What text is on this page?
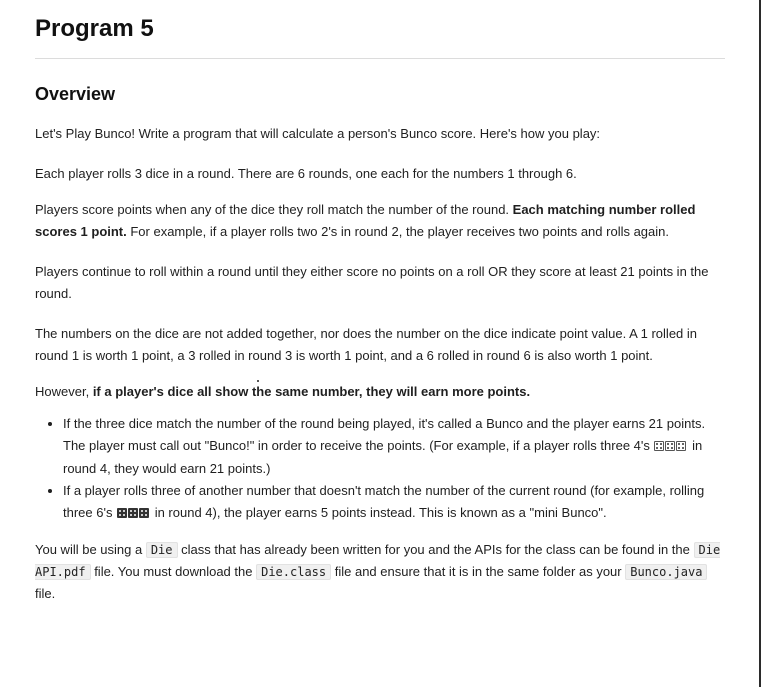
Program 5
Overview

Let's Play Bunco! Write a program that will calculate a person's Bunco score. Here's how you play:

Each player rolls 3 dice in a round. There are 6 rounds, one each for the numbers 1 through 6.

Players score points when any of the dice they roll match the number of the round. Each matching number rolled scores 1 point. For example, if a player rolls two 2's in round 2, the player receives two points and rolls again.

Players continue to roll within a round until they either score no points on a roll OR they score at least 21 points in the round.

The numbers on the dice are not added together, nor does the number on the dice indicate point value. A 1 rolled in round 1 is worth 1 point, a 3 rolled in round 3 is worth 1 point, and a 6 rolled in round 6 is also worth 1 point.

However, if a player's dice all show the same number, they will earn more points.

• If the three dice match the number of the round being played, it's called a Bunco and the player earns 21 points. The player must call out "Bunco!" in order to receive the points. (For example, if a player rolls three 4's	in round 4, they would earn 21 points.)
• If a player rolls three of another number that doesn't match the number of the current round (for example, rolling three 6's	in round 4), the player earns 5 points instead. This is known as a "mini Bunco".

You will be using a Die class that has already been written for you and the APIs for the class can be found in the Die API.pdf file. You must download the Die.class file and ensure that it is in the same folder as your Bunco.java file.
